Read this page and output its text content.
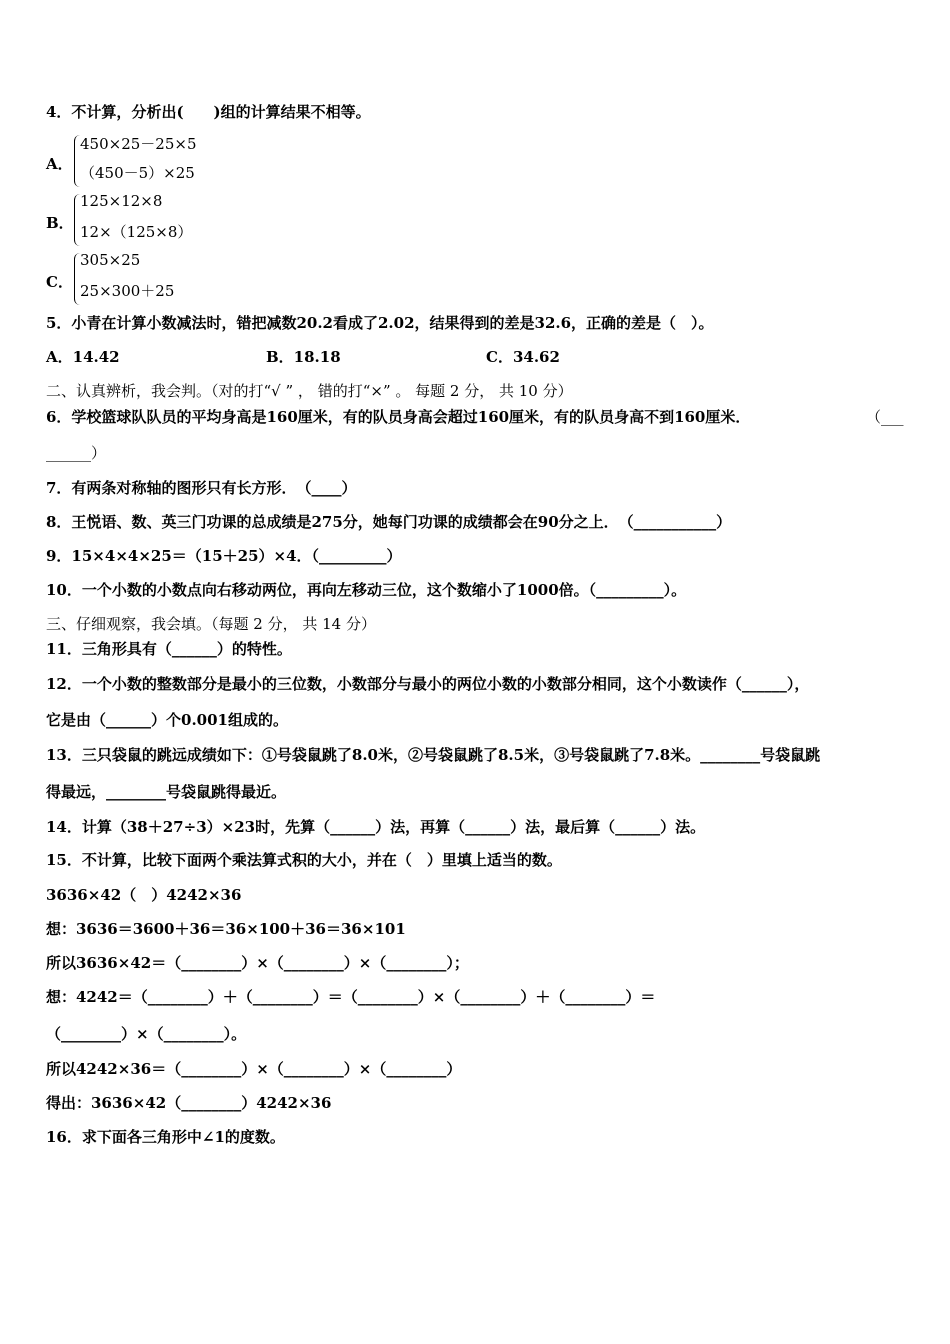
4．不计算，分析出(　　)组的计算结果不相等。
A．
450×25－25×5
（450－5）×25
B．
125×12×8
12×（125×8）
C．
305×25
25×300＋25
5．小青在计算小数减法时，错把减数20.2看成了2.02，结果得到的差是32.6，正确的差是（　）。
A．14.42	B．18.18	C．34.62
二、认真辨析，我会判。（对的打“√ ” ， 错的打“×” 。 每题 2 分， 共 10 分）
6．学校篮球队队员的平均身高是160厘米，有的队员身高会超过160厘米，有的队员身高不到160厘米．	（___
______）
7．有两条对称轴的图形只有长方形．　（____）
8．王悦语、数、英三门功课的总成绩是275分，她每门功课的成绩都会在90分之上．　（___________）
9．15×4×4×25＝（15＋25）×4．（_________）
10．一个小数的小数点向右移动两位，再向左移动三位，这个数缩小了1000倍。（_________）。
三、仔细观察，我会填。（每题 2 分， 共 14 分）
11．三角形具有（______）的特性。
12．一个小数的整数部分是最小的三位数，小数部分与最小的两位小数的小数部分相同，这个小数读作（______），
它是由（______）个0.001组成的。
13．三只袋鼠的跳远成绩如下：①号袋鼠跳了8.0米，②号袋鼠跳了8.5米，③号袋鼠跳了7.8米。________号袋鼠跳
得最远，________号袋鼠跳得最近。
14．计算（38＋27÷3）×23时，先算（______）法，再算（______）法，最后算（______）法。
15．不计算，比较下面两个乘法算式积的大小，并在（　）里填上适当的数。
3636×42（　）4242×36
想：3636＝3600＋36＝36×100＋36＝36×101
所以3636×42＝（________）×（________）×（________）；
想：4242＝（________）＋（________）＝（________）×（________）＋（________）＝
（________）×（________）。
所以4242×36＝（________）×（________）×（________）
得出：3636×42（________）4242×36
16．求下面各三角形中∠1的度数。
